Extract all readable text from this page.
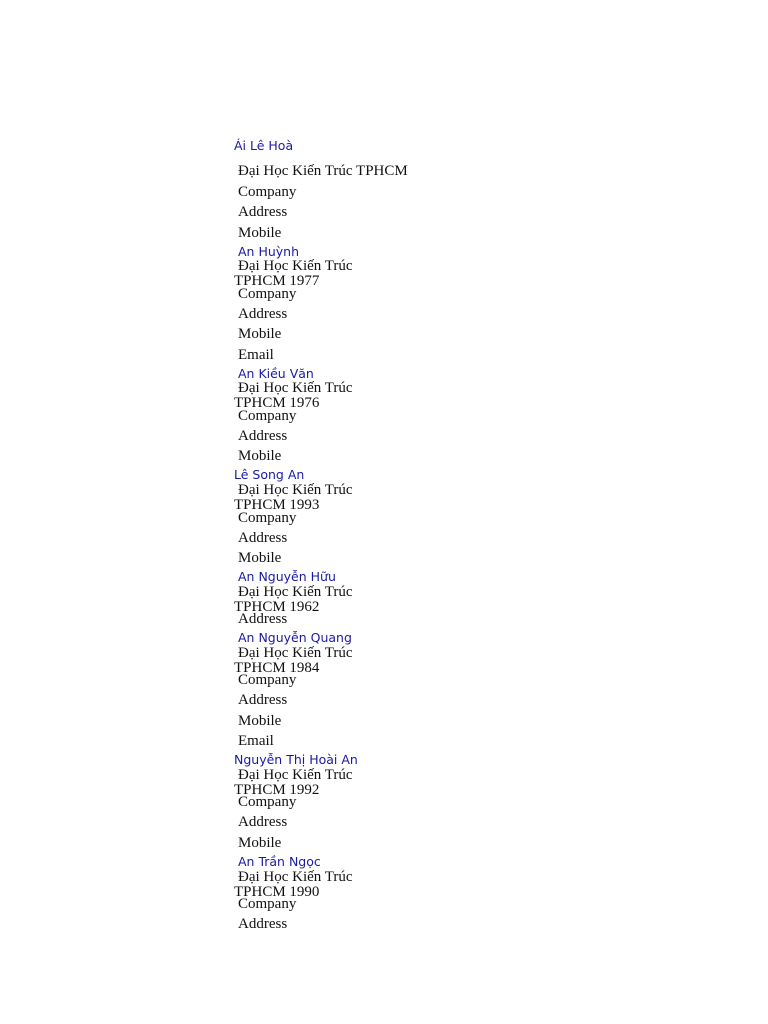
Ái Lê Hoà
Đại Học Kiến Trúc TPHCM
Company
Address
Mobile
An Huỳnh
Đại Học Kiến Trúc
TPHCM 1977
Company
Address
Mobile
Email
An Kiều Văn
Đại Học Kiến Trúc
TPHCM 1976
Company
Address
Mobile
Lê Song An
Đại Học Kiến Trúc
TPHCM 1993
Company
Address
Mobile
An Nguyễn Hữu
Đại Học Kiến Trúc
TPHCM 1962
Address
An Nguyễn Quang
Đại Học Kiến Trúc
TPHCM 1984
Company
Address
Mobile
Email
Nguyễn Thị Hoài An
Đại Học Kiến Trúc
TPHCM 1992
Company
Address
Mobile
An Trần Ngọc
Đại Học Kiến Trúc
TPHCM 1990
Company
Address
